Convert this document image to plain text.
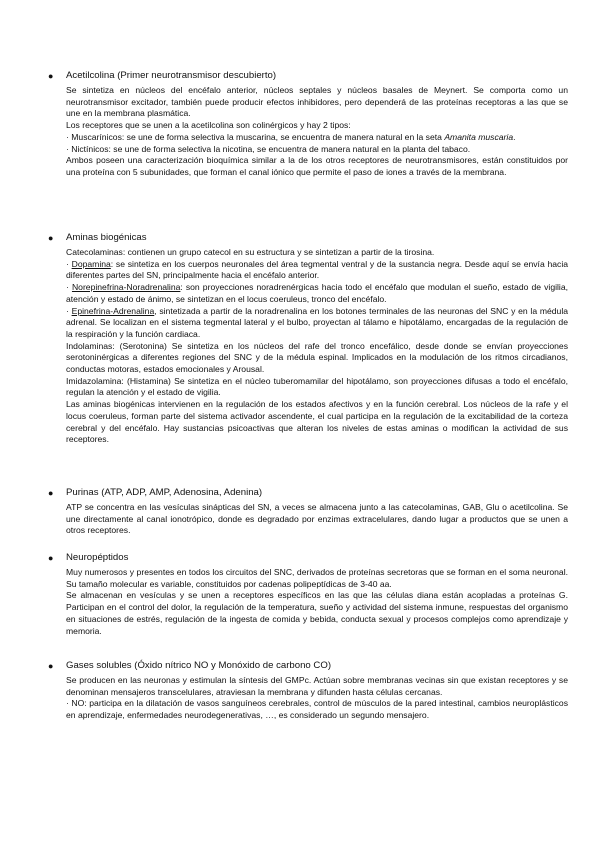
● Acetilcolina (Primer neurotransmisor descubierto)

Se sintetiza en núcleos del encéfalo anterior, núcleos septales y núcleos basales de Meynert. Se comporta como un neurotransmisor excitador, también puede producir efectos inhibidores, pero dependerá de las proteínas receptoras a las que se une en la membrana plasmática.

Los receptores que se unen a la acetilcolina son colinérgicos y hay 2 tipos:

· Muscarínicos: se une de forma selectiva la muscarina, se encuentra de manera natural en la seta Amanita muscaria.

· Nictínicos: se une de forma selectiva la nicotina, se encuentra de manera natural en la planta del tabaco.

Ambos poseen una caracterización bioquímica similar a la de los otros receptores de neurotransmisores, están constituidos por una proteína con 5 subunidades, que forman el canal iónico que permite el paso de iones a través de la membrana.

● Aminas biogénicas

Catecolaminas: contienen un grupo catecol en su estructura y se sintetizan a partir de la tirosina.

· Dopamina: se sintetiza en los cuerpos neuronales del área tegmental ventral y de la sustancia negra. Desde aquí se envía hacia diferentes partes del SN, principalmente hacia el encéfalo anterior.

· Norepinefrina-Noradrenalina: son proyecciones noradrenérgicas hacia todo el encéfalo que modulan el sueño, estado de vigilia, atención y estado de ánimo, se sintetizan en el locus coeruleus, tronco del encéfalo.

· Epinefrina-Adrenalina, sintetizada a partir de la noradrenalina en los botones terminales de las neuronas del SNC y en la médula adrenal. Se localizan en el sistema tegmental lateral y el bulbo, proyectan al tálamo e hipotálamo, encargadas de la regulación de la respiración y la función cardiaca.

Indolaminas: (Serotonina) Se sintetiza en los núcleos del rafe del tronco encefálico, desde donde se envían proyecciones serotoninérgicas a diferentes regiones del SNC y de la médula espinal. Implicados en la modulación de los ritmos circadianos, conductas motoras, estados emocionales y Arousal.

Imidazolamina: (Histamina) Se sintetiza en el núcleo tuberomamilar del hipotálamo, son proyecciones difusas a todo el encéfalo, regulan la atención y el estado de vigilia.

Las aminas biogénicas intervienen en la regulación de los estados afectivos y en la función cerebral. Los núcleos de la rafe y el locus coeruleus, forman parte del sistema activador ascendente, el cual participa en la regulación de la excitabilidad de la corteza cerebral y del encéfalo. Hay sustancias psicoactivas que alteran los niveles de estas aminas o modifican la actividad de sus receptores.

● Purinas (ATP, ADP, AMP, Adenosina, Adenina)

ATP se concentra en las vesículas sinápticas del SN, a veces se almacena junto a las catecolaminas, GAB, Glu o acetilcolina. Se une directamente al canal ionotrópico, donde es degradado por enzimas extracelulares, dando lugar a productos que se unen a otros receptores.

● Neuropéptidos

Muy numerosos y presentes en todos los circuitos del SNC, derivados de proteínas secretoras que se forman en el soma neuronal. Su tamaño molecular es variable, constituidos por cadenas polipeptídicas de 3-40 aa.

Se almacenan en vesículas y se unen a receptores específicos en las que las células diana están acopladas a proteínas G. Participan en el control del dolor, la regulación de la temperatura, sueño y actividad del sistema inmune, respuestas del organismo en situaciones de estrés, regulación de la ingesta de comida y bebida, conducta sexual y procesos complejos como aprendizaje y memoria.

● Gases solubles (Óxido nítrico NO y Monóxido de carbono CO)

Se producen en las neuronas y estimulan la síntesis del GMPc. Actúan sobre membranas vecinas sin que existan receptores y se denominan mensajeros transcelulares, atraviesan la membrana y difunden hasta células cercanas.

· NO: participa en la dilatación de vasos sanguíneos cerebrales, control de músculos de la pared intestinal, cambios neuroplásticos en aprendizaje, enfermedades neurodegenerativas, …, es considerado un segundo mensajero.
